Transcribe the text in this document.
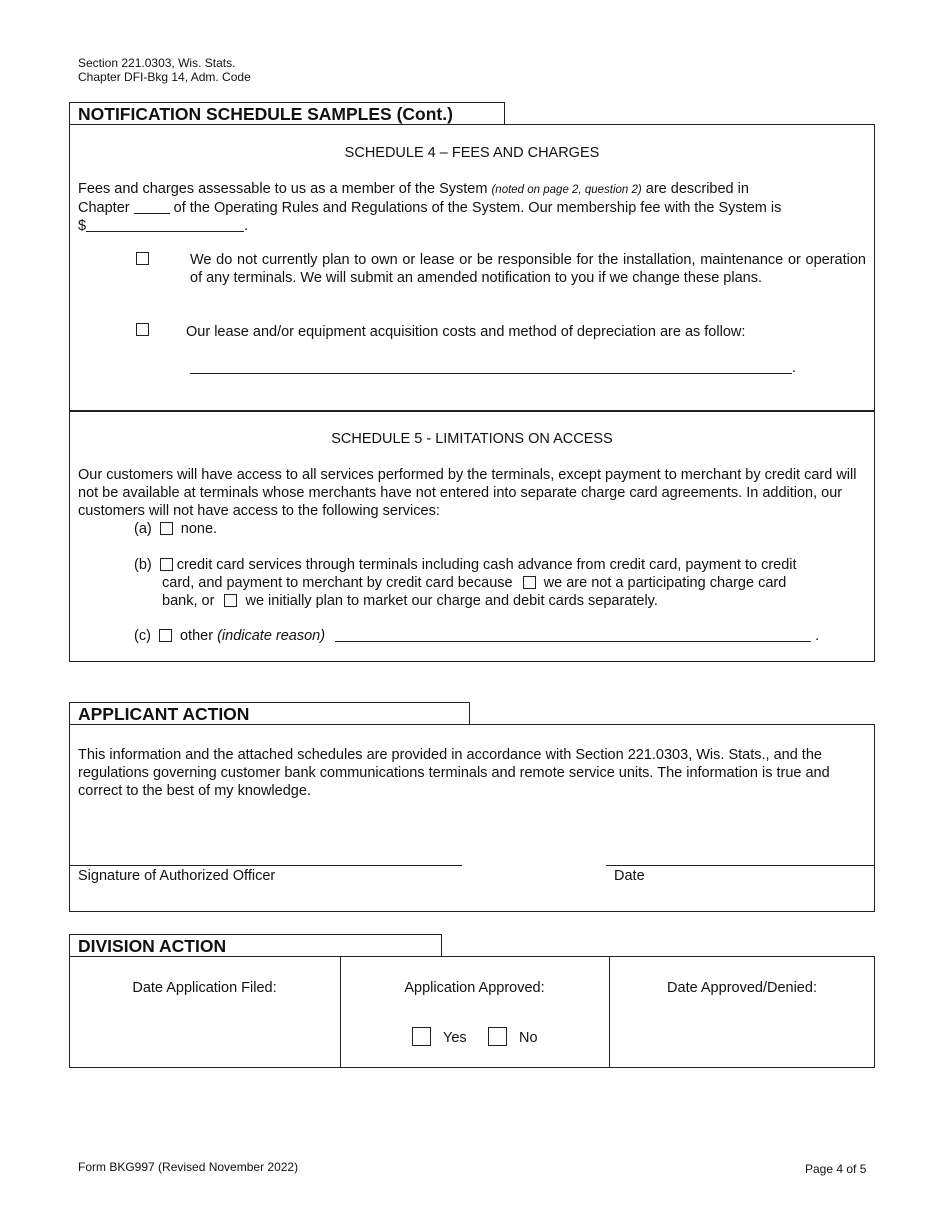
Section 221.0303, Wis. Stats.
Chapter DFI-Bkg 14, Adm. Code
NOTIFICATION SCHEDULE SAMPLES (Cont.)
SCHEDULE 4 – FEES AND CHARGES
Fees and charges assessable to us as a member of the System (noted on page 2, question 2) are described in
Chapter	of the Operating Rules and Regulations of the System. Our membership fee with the System is
$	.
We do not currently plan to own or lease or be responsible for the installation, maintenance or operation of any terminals. We will submit an amended notification to you if we change these plans.
Our lease and/or equipment acquisition costs and method of depreciation are as follow:
.
SCHEDULE 5 - LIMITATIONS ON ACCESS
Our customers will have access to all services performed by the terminals, except payment to merchant by credit card will not be available at terminals whose merchants have not entered into separate charge card agreements. In addition, our customers will not have access to the following services:
(a) none.
(b) credit card services through terminals including cash advance from credit card, payment to credit
card, and payment to merchant by credit card because we are not a participating charge card
bank, or we initially plan to market our charge and debit cards separately.
(c) other (indicate reason)	.
APPLICANT ACTION
This information and the attached schedules are provided in accordance with Section 221.0303, Wis. Stats., and the regulations governing customer bank communications terminals and remote service units. The information is true and correct to the best of my knowledge.
Signature of Authorized Officer	Date
DIVISION ACTION
Date Application Filed:	Application Approved:	Date Approved/Denied:
Yes	No
Form BKG997 (Revised November 2022)	Page 4 of 5
